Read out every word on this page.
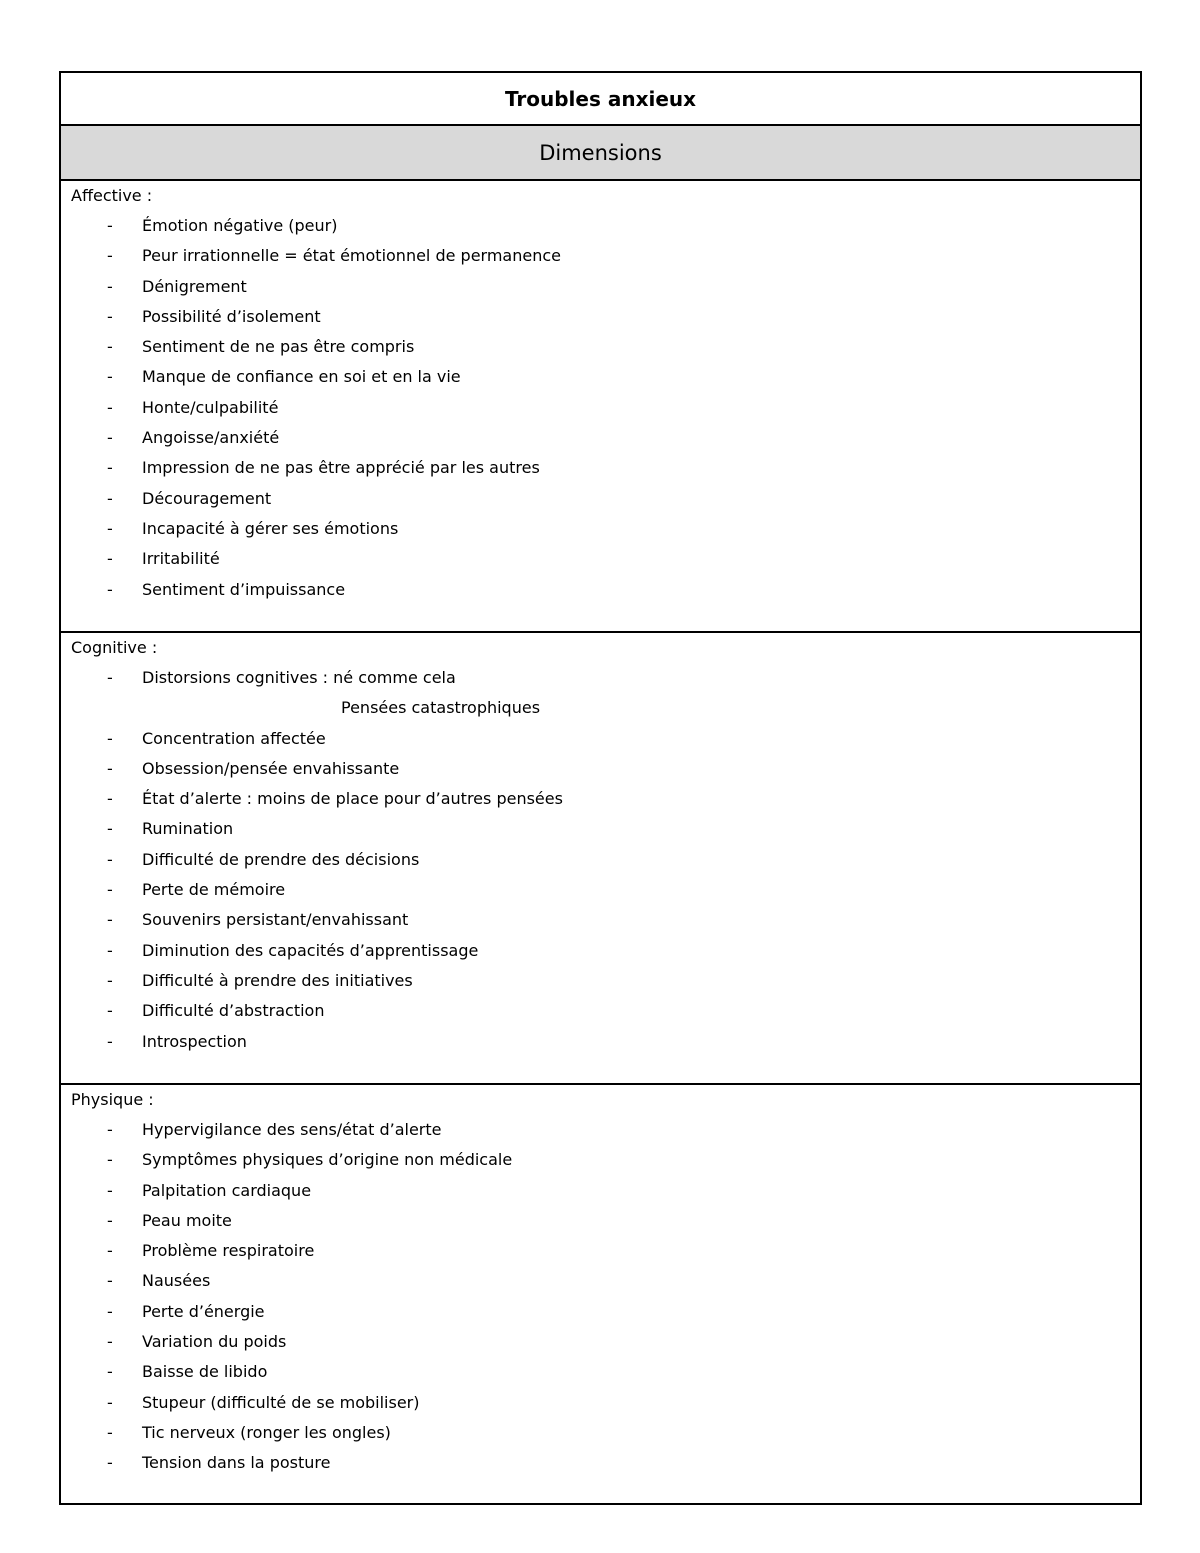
Troubles anxieux
Dimensions
Affective :
- Émotion négative (peur)
- Peur irrationnelle = état émotionnel de permanence
- Dénigrement
- Possibilité d’isolement
- Sentiment de ne pas être compris
- Manque de confiance en soi et en la vie
- Honte/culpabilité
- Angoisse/anxiété
- Impression de ne pas être apprécié par les autres
- Découragement
- Incapacité à gérer ses émotions
- Irritabilité
- Sentiment d’impuissance
Cognitive :
- Distorsions cognitives : né comme cela
Pensées catastrophiques
- Concentration affectée
- Obsession/pensée envahissante
- État d’alerte : moins de place pour d’autres pensées
- Rumination
- Difficulté de prendre des décisions
- Perte de mémoire
- Souvenirs persistant/envahissant
- Diminution des capacités d’apprentissage
- Difficulté à prendre des initiatives
- Difficulté d’abstraction
- Introspection
Physique :
- Hypervigilance des sens/état d’alerte
- Symptômes physiques d’origine non médicale
- Palpitation cardiaque
- Peau moite
- Problème respiratoire
- Nausées
- Perte d’énergie
- Variation du poids
- Baisse de libido
- Stupeur (difficulté de se mobiliser)
- Tic nerveux (ronger les ongles)
- Tension dans la posture
